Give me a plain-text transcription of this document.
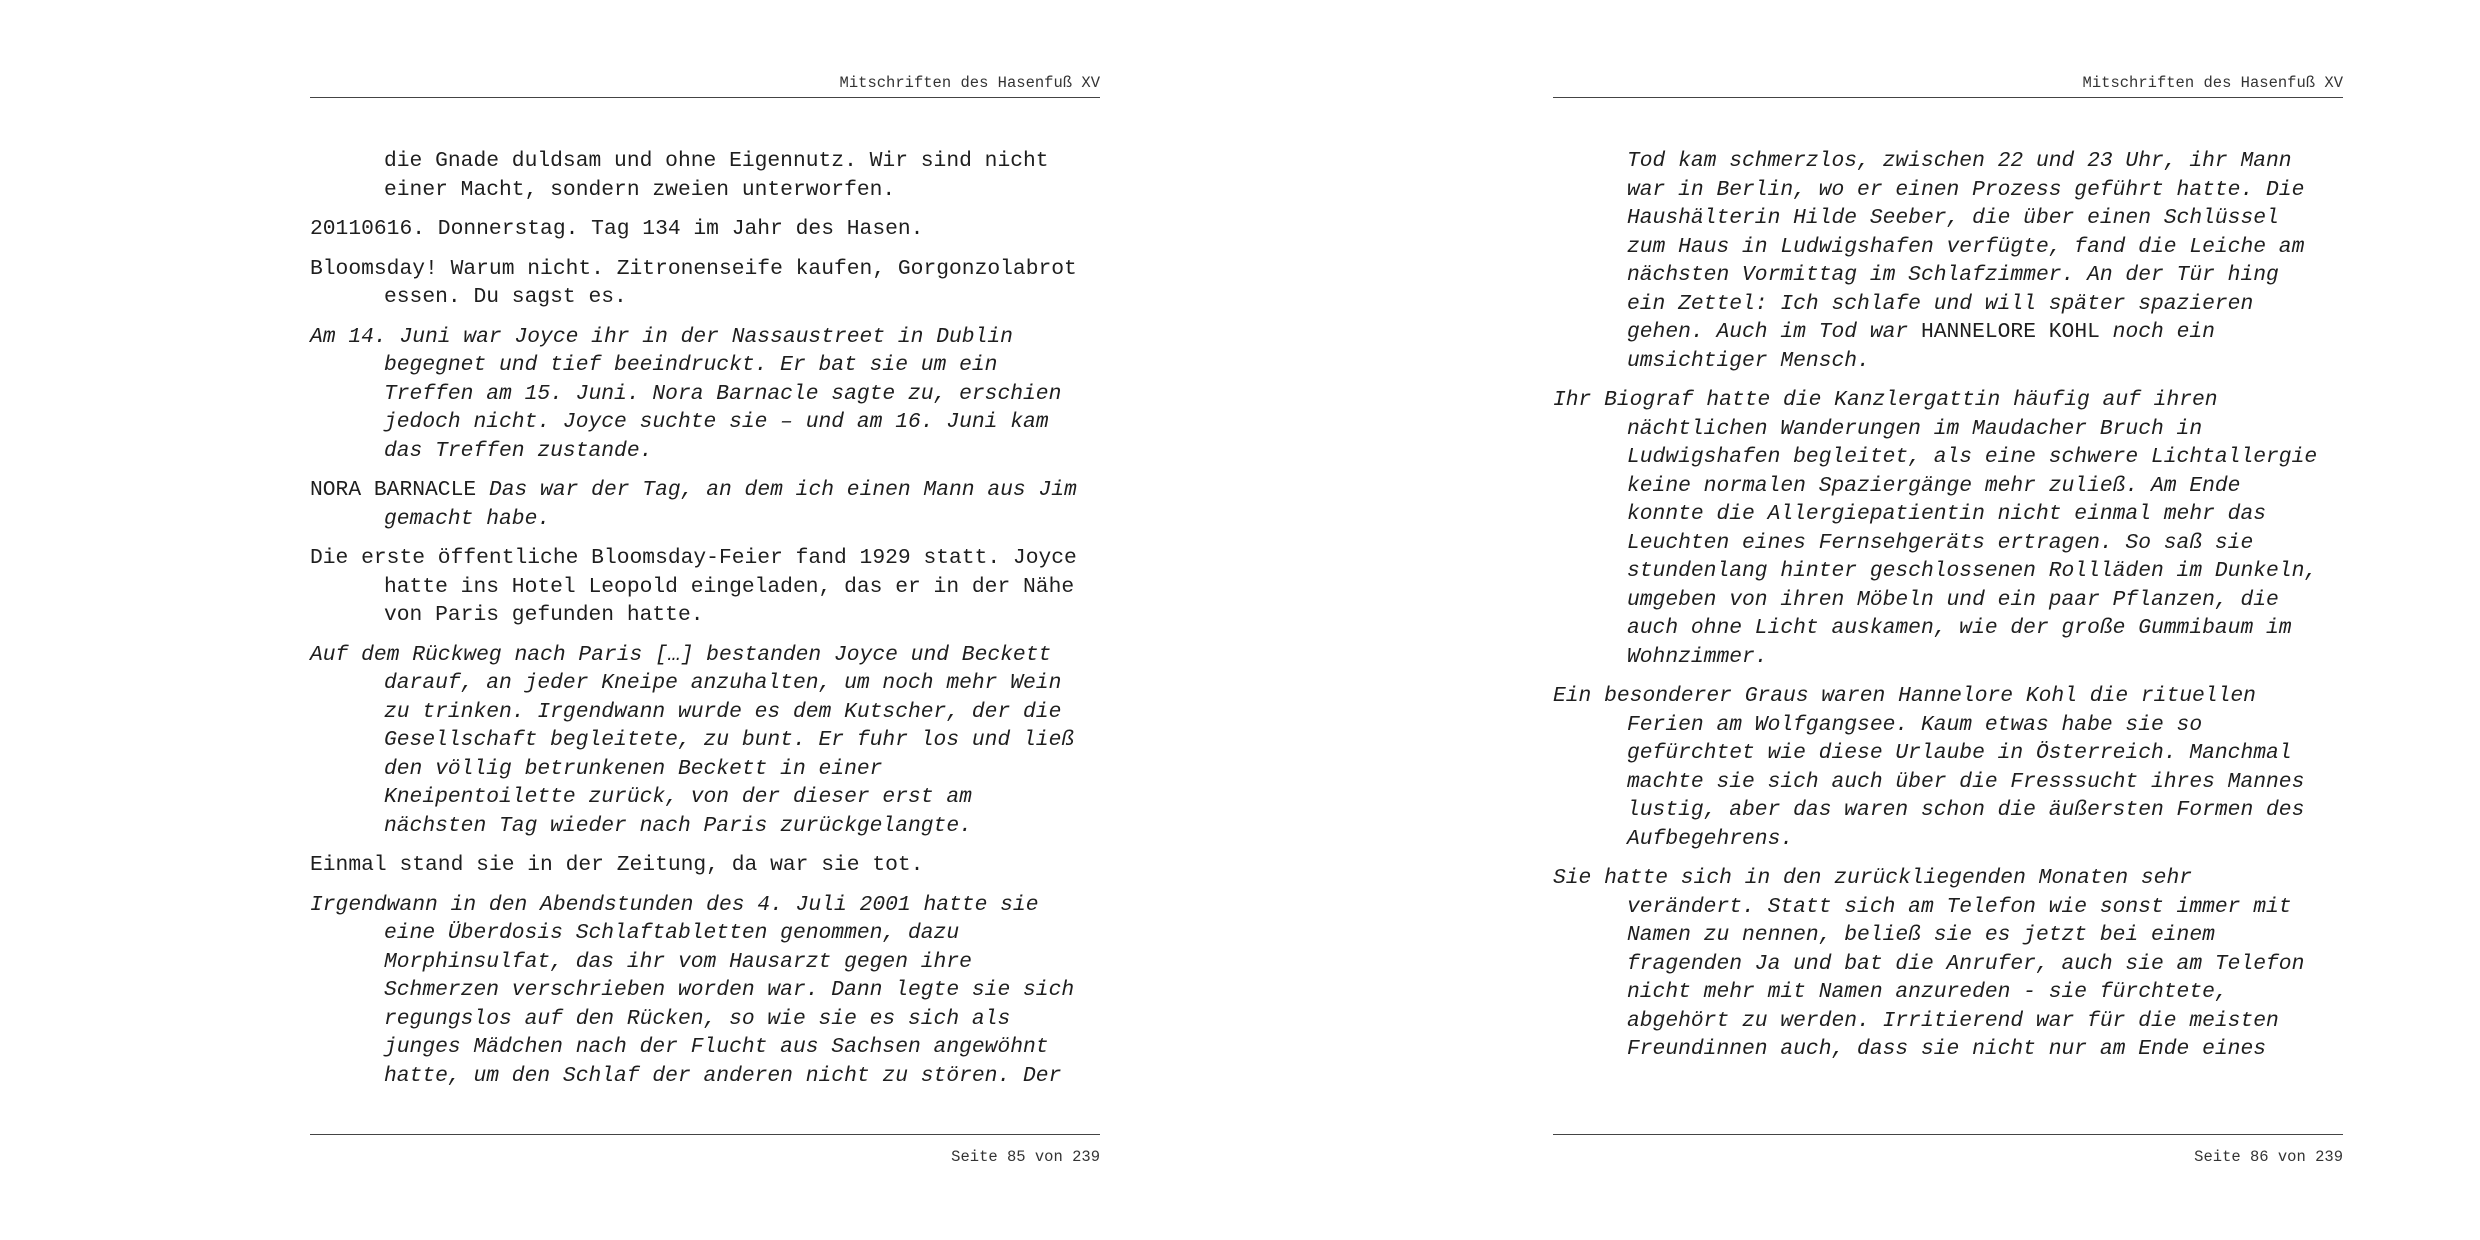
Mitschriften des Hasenfuß XV

die Gnade duldsam und ohne Eigennutz. Wir sind nicht
einer Macht, sondern zweien unterworfen.

20110616. Donnerstag. Tag 134 im Jahr des Hasen.

Bloomsday! Warum nicht. Zitronenseife kaufen, Gorgonzolabrot
essen. Du sagst es.

Am 14. Juni war Joyce ihr in der Nassaustreet in Dublin
begegnet und tief beeindruckt. Er bat sie um ein
Treffen am 15. Juni. Nora Barnacle sagte zu, erschien
jedoch nicht. Joyce suchte sie – und am 16. Juni kam
das Treffen zustande.

NORA BARNACLE Das war der Tag, an dem ich einen Mann aus Jim
gemacht habe.

Die erste öffentliche Bloomsday-Feier fand 1929 statt. Joyce
hatte ins Hotel Leopold eingeladen, das er in der Nähe
von Paris gefunden hatte.

Auf dem Rückweg nach Paris […] bestanden Joyce und Beckett
darauf, an jeder Kneipe anzuhalten, um noch mehr Wein
zu trinken. Irgendwann wurde es dem Kutscher, der die
Gesellschaft begleitete, zu bunt. Er fuhr los und ließ
den völlig betrunkenen Beckett in einer
Kneipentoilette zurück, von der dieser erst am
nächsten Tag wieder nach Paris zurückgelangte.

Einmal stand sie in der Zeitung, da war sie tot.

Irgendwann in den Abendstunden des 4. Juli 2001 hatte sie
eine Überdosis Schlaftabletten genommen, dazu
Morphinsulfat, das ihr vom Hausarzt gegen ihre
Schmerzen verschrieben worden war. Dann legte sie sich
regungslos auf den Rücken, so wie sie es sich als
junges Mädchen nach der Flucht aus Sachsen angewöhnt
hatte, um den Schlaf der anderen nicht zu stören. Der

Seite 85 von 239
Mitschriften des Hasenfuß XV

Tod kam schmerzlos, zwischen 22 und 23 Uhr, ihr Mann
war in Berlin, wo er einen Prozess geführt hatte. Die
Haushälterin Hilde Seeber, die über einen Schlüssel
zum Haus in Ludwigshafen verfügte, fand die Leiche am
nächsten Vormittag im Schlafzimmer. An der Tür hing
ein Zettel: Ich schlafe und will später spazieren
gehen. Auch im Tod war HANNELORE KOHL noch ein
umsichtiger Mensch.

Ihr Biograf hatte die Kanzlergattin häufig auf ihren
nächtlichen Wanderungen im Maudacher Bruch in
Ludwigshafen begleitet, als eine schwere Lichtallergie
keine normalen Spaziergänge mehr zuließ. Am Ende
konnte die Allergiepatientin nicht einmal mehr das
Leuchten eines Fernsehgeräts ertragen. So saß sie
stundenlang hinter geschlossenen Rollläden im Dunkeln,
umgeben von ihren Möbeln und ein paar Pflanzen, die
auch ohne Licht auskamen, wie der große Gummibaum im
Wohnzimmer.

Ein besonderer Graus waren Hannelore Kohl die rituellen
Ferien am Wolfgangsee. Kaum etwas habe sie so
gefürchtet wie diese Urlaube in Österreich. Manchmal
machte sie sich auch über die Fresssucht ihres Mannes
lustig, aber das waren schon die äußersten Formen des
Aufbegehrens.

Sie hatte sich in den zurückliegenden Monaten sehr
verändert. Statt sich am Telefon wie sonst immer mit
Namen zu nennen, beließ sie es jetzt bei einem
fragenden Ja und bat die Anrufer, auch sie am Telefon
nicht mehr mit Namen anzureden - sie fürchtete,
abgehört zu werden. Irritierend war für die meisten
Freundinnen auch, dass sie nicht nur am Ende eines

Seite 86 von 239
